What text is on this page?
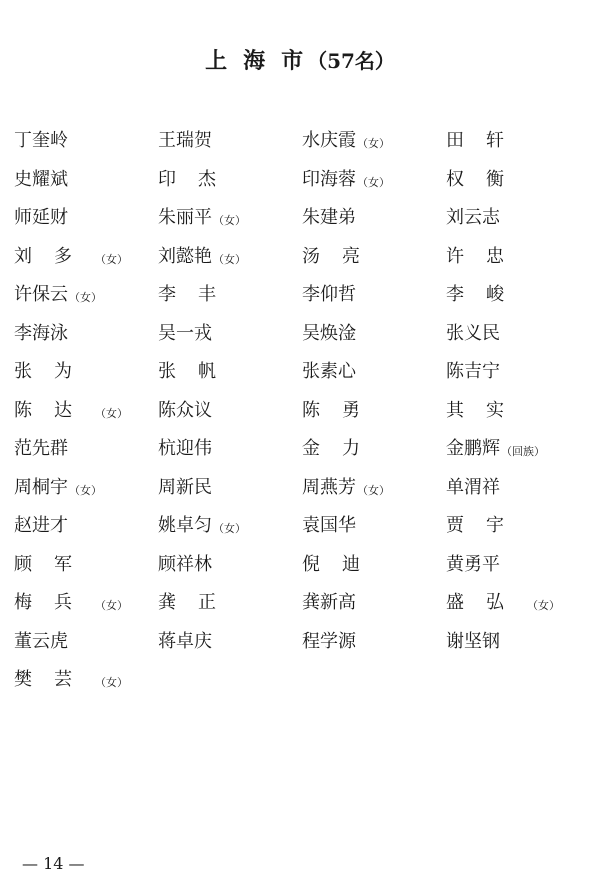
上海市（57名）
丁奎岭	王瑞贺	水庆霞（女）	田轩
史耀斌	印杰	印海蓉（女）	权衡
师延财	朱丽平（女）	朱建弟	刘云志
刘多（女）	刘懿艳（女）	汤亮	许忠
许保云（女）	李丰	李仰哲	李峻
李海泳	吴一戎	吴焕淦	张义民
张为	张帆	张素心	陈吉宁
陈达（女）	陈众议	陈勇	其实
范先群	杭迎伟	金力	金鹏辉（回族）
周桐宇（女）	周新民	周燕芳（女）	单渭祥
赵进才	姚卓匀（女）	袁国华	贾宇
顾军	顾祥林	倪迪	黄勇平
梅兵（女）	龚正	龚新高	盛弘（女）
董云虎	蒋卓庆	程学源	谢坚钢
樊芸（女）
— 14 —
